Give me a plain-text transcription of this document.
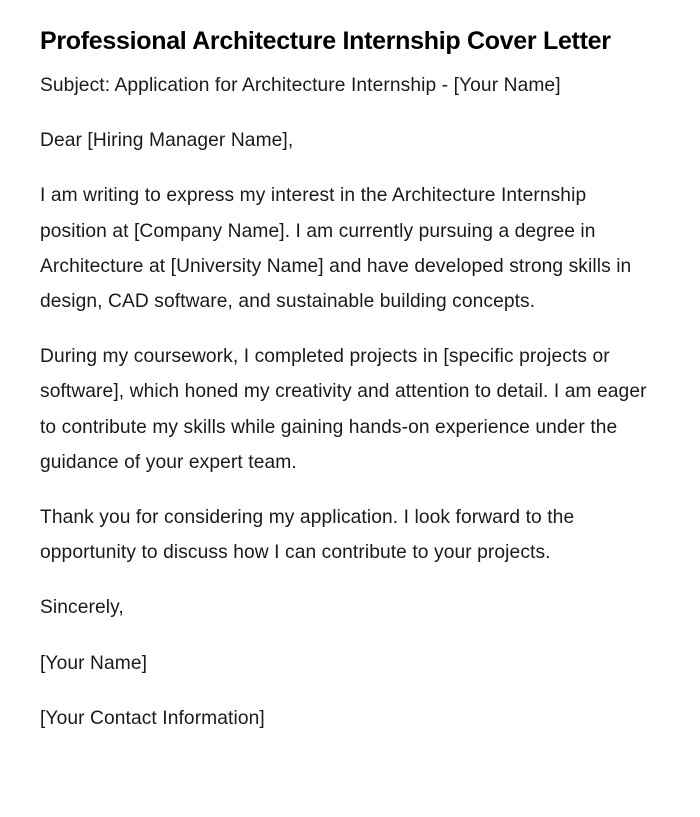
Professional Architecture Internship Cover Letter

Subject: Application for Architecture Internship - [Your Name]

Dear [Hiring Manager Name],

I am writing to express my interest in the Architecture Internship position at [Company Name]. I am currently pursuing a degree in Architecture at [University Name] and have developed strong skills in design, CAD software, and sustainable building concepts.

During my coursework, I completed projects in [specific projects or software], which honed my creativity and attention to detail. I am eager to contribute my skills while gaining hands-on experience under the guidance of your expert team.

Thank you for considering my application. I look forward to the opportunity to discuss how I can contribute to your projects.

Sincerely,

[Your Name]

[Your Contact Information]
